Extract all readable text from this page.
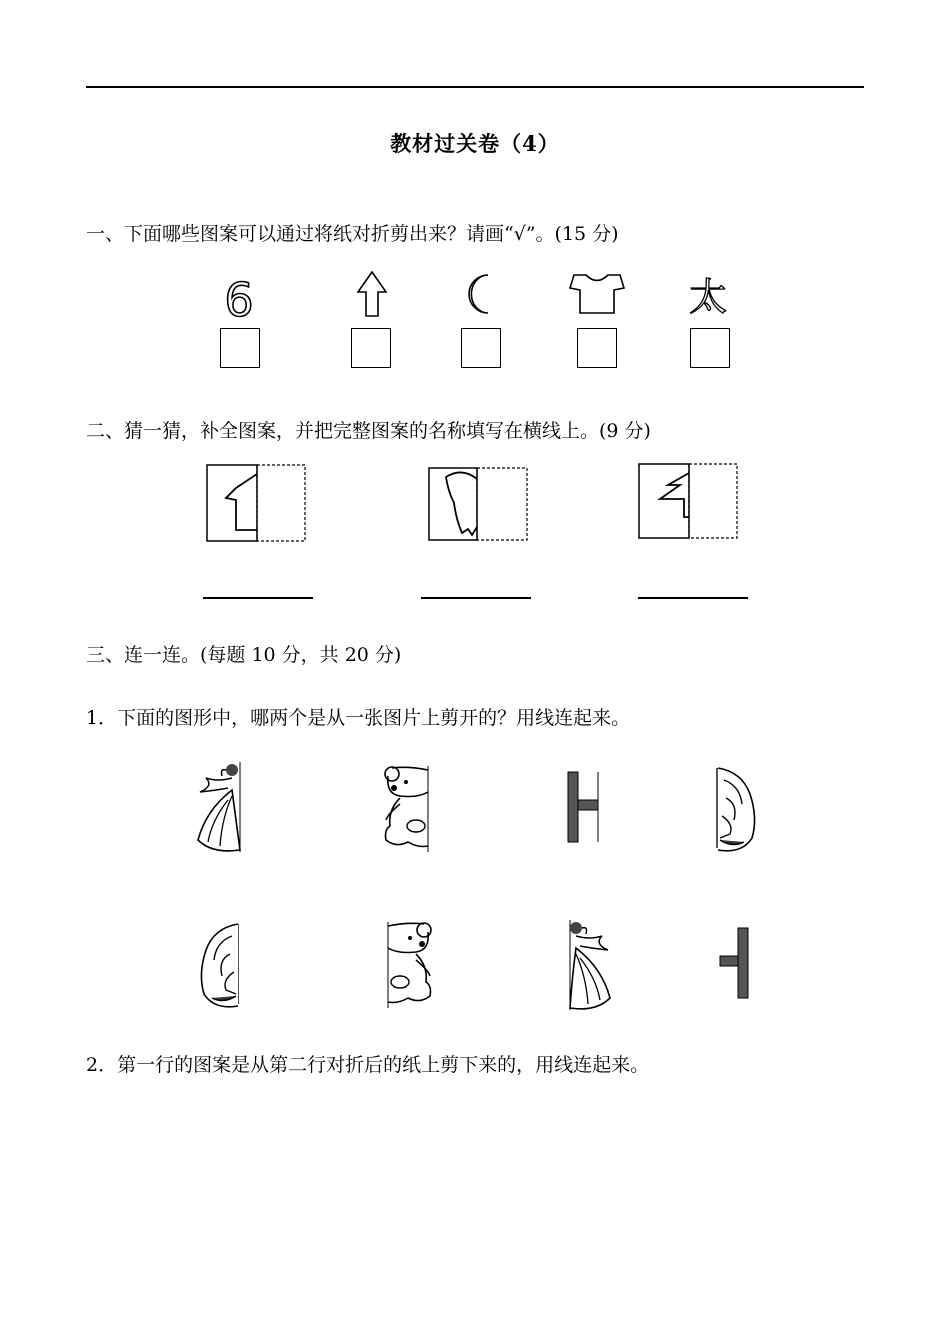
教材过关卷（4）
一、下面哪些图案可以通过将纸对折剪出来？请画“√”。(15 分)
6	太
二、猜一猜，补全图案，并把完整图案的名称填写在横线上。(9 分)
三、连一连。(每题 10 分，共 20 分)
1．下面的图形中，哪两个是从一张图片上剪开的？用线连起来。
2．第一行的图案是从第二行对折后的纸上剪下来的，用线连起来。
